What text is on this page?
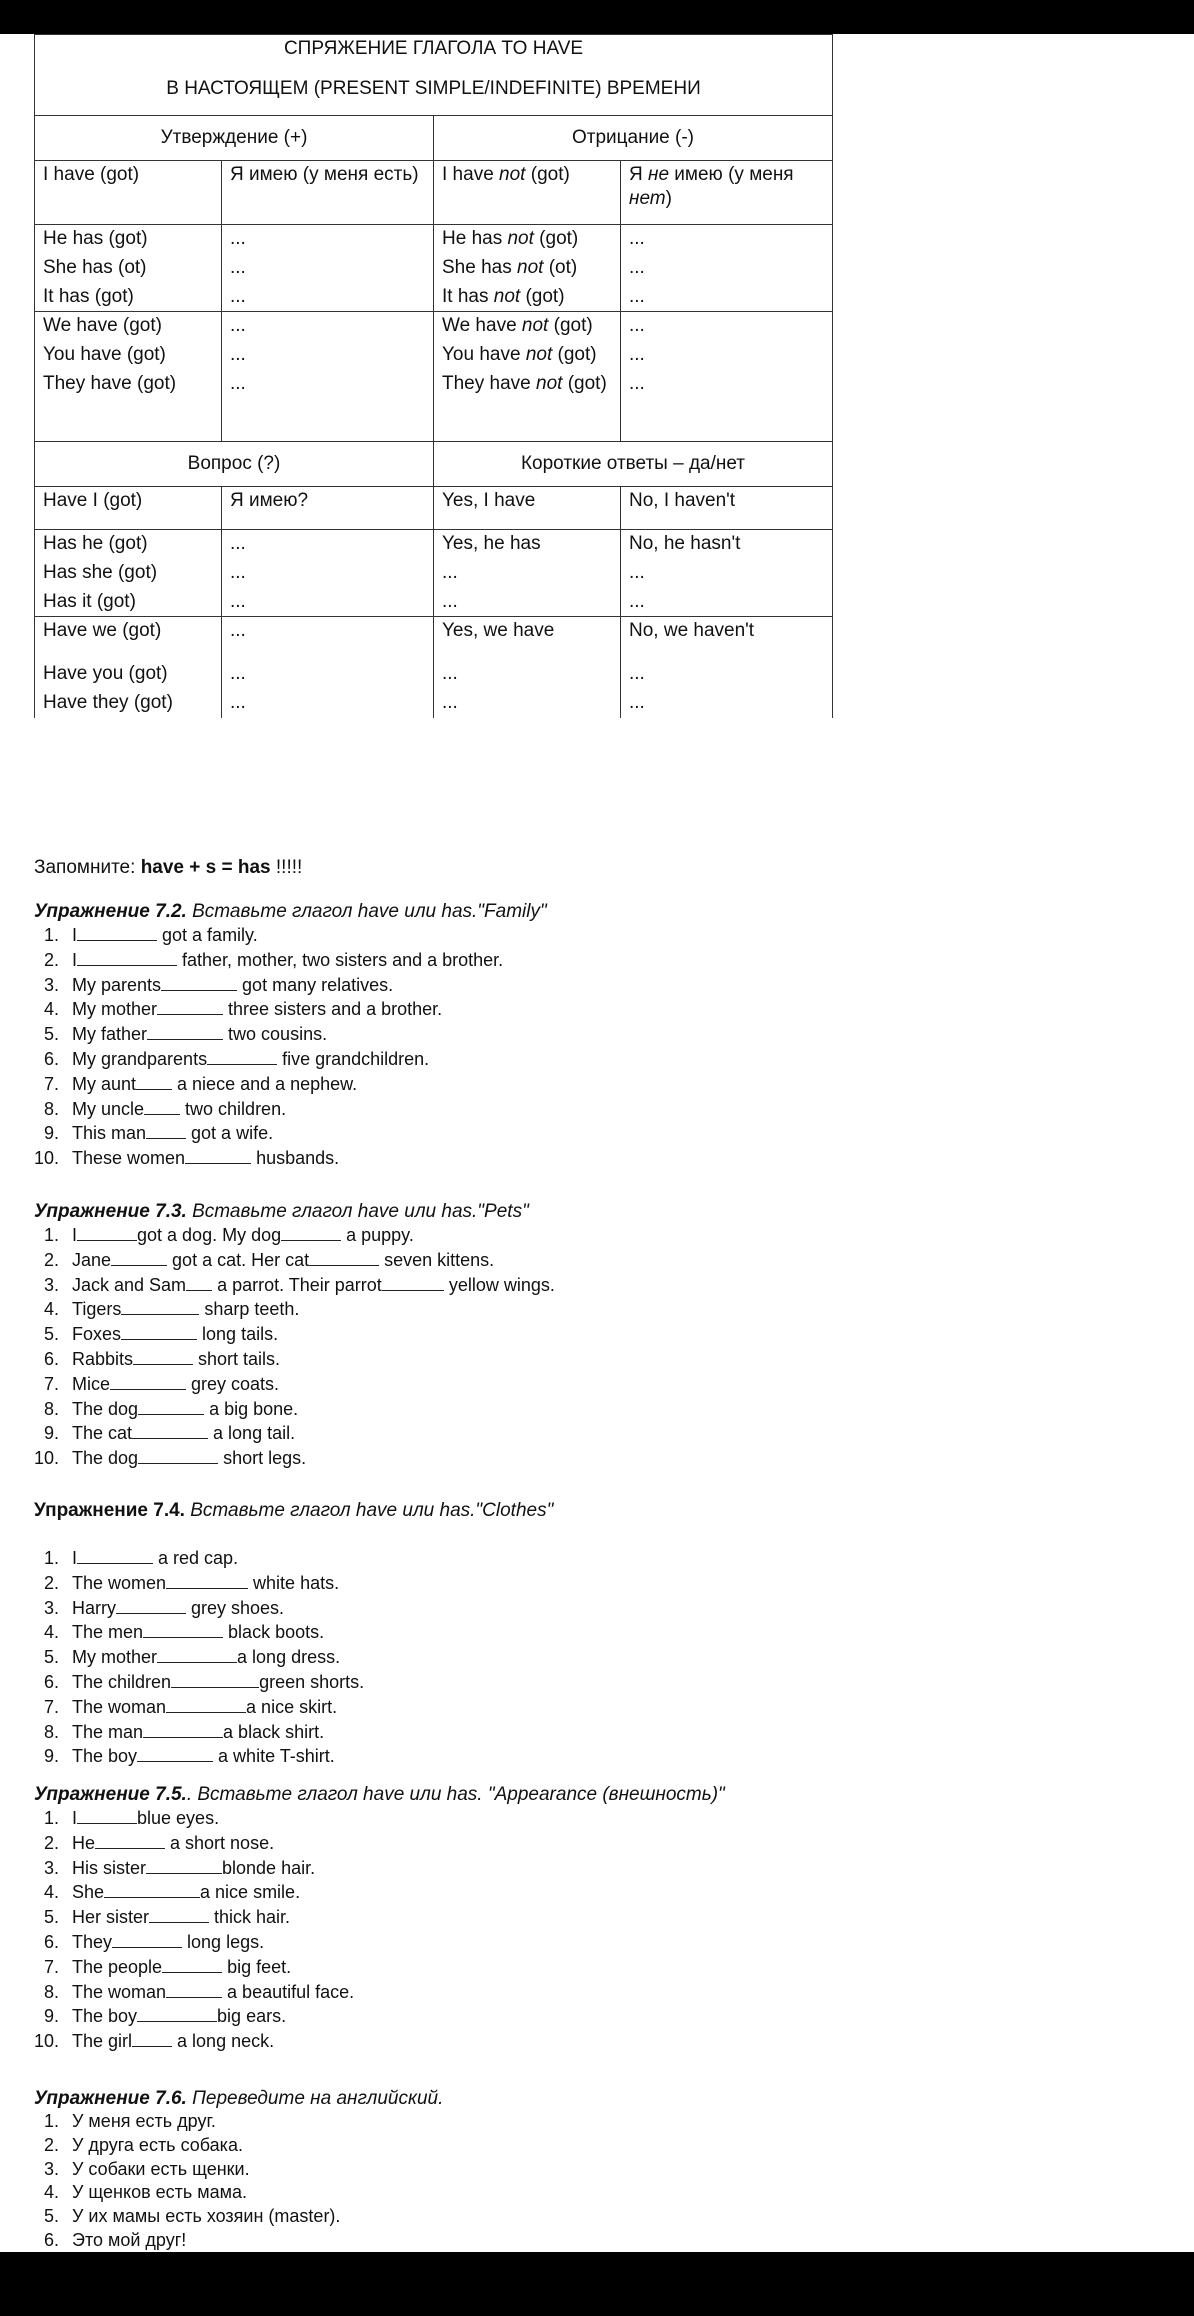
СПРЯЖЕНИЕ ГЛАГОЛА TO HAVE			
В НАСТОЯЩЕМ (PRESENT SIMPLE/INDEFINITE) ВРЕМЕНИ			
Утверждение (+)		Отрицание (-)	
I have (got)	Я имею (у меня есть)	I have not (got)	Я не имею (у меня нет)
He has (got)	...	He has not (got)	...
She has (ot)	...	She has not (ot)	...
It has (got)	...	It has not (got)	...
We have (got)	...	We have not (got)	...
You have (got)	...	You have not (got)	...
They have (got)	...	They have not (got)	...
Вопрос (?)		Короткие ответы – да/нет	
Have I (got)	Я имею?	Yes, I have	No, I haven't
Has he (got)	...	Yes, he has	No, he hasn't
Has she (got)	...	...	...
Has it (got)	...	...	...
Have we (got)	...	Yes, we have	No, we haven't
Have you (got)	...	...	...
Have they (got)	...	...	...
Запомните: have + s = has !!!!!
Упражнение 7.2. Вставьте глагол have или has."Family"
1. I	got a family.
2. I	father, mother, two sisters and a brother.
3. My parents	got many relatives.
4. My mother	three sisters and a brother.
5. My father	two cousins.
6. My grandparents	five grandchildren.
7. My aunt a niece and a nephew.
8. My uncle two children.
9. This man got a wife.
10. These women	husbands.
Упражнение 7.3. Вставьте глагол have или has."Pets"
1. I	got a dog. My dog	a puppy.
2. Jane	got a cat. Her cat	seven kittens.
3. Jack and Sam a parrot. Their parrot	yellow wings.
4. Tigers	sharp teeth.
5. Foxes	long tails.
6. Rabbits	short tails.
7. Mice	grey coats.
8. The dog	a big bone.
9. The cat	a long tail.
10. The dog	short legs.
Упражнение 7.4. Вставьте глагол have или has."Clothes"
1. I	a red cap.
2. The women	white hats.
3. Harry	grey shoes.
4. The men	black boots.
5. My mother	a long dress.
6. The children	green shorts.
7. The woman	a nice skirt.
8. The man	a black shirt.
9. The boy	a white T-shirt.
Упражнение 7.5.. Вставьте глагол have или has. "Appearance (внешность)"
1. I	blue eyes.
2. He	a short nose.
3. His sister	blonde hair.
4. She	a nice smile.
5. Her sister	thick hair.
6. They	long legs.
7. The people	big feet.
8. The woman	a beautiful face.
9. The boy	big ears.
10. The girl a long neck.
Упражнение 7.6. Переведите на английский.
1. У меня есть друг.
2. У друга есть собака.
3. У собаки есть щенки.
4. У щенков есть мама.
5. У их мамы есть хозяин (master).
6. Это мой друг!
